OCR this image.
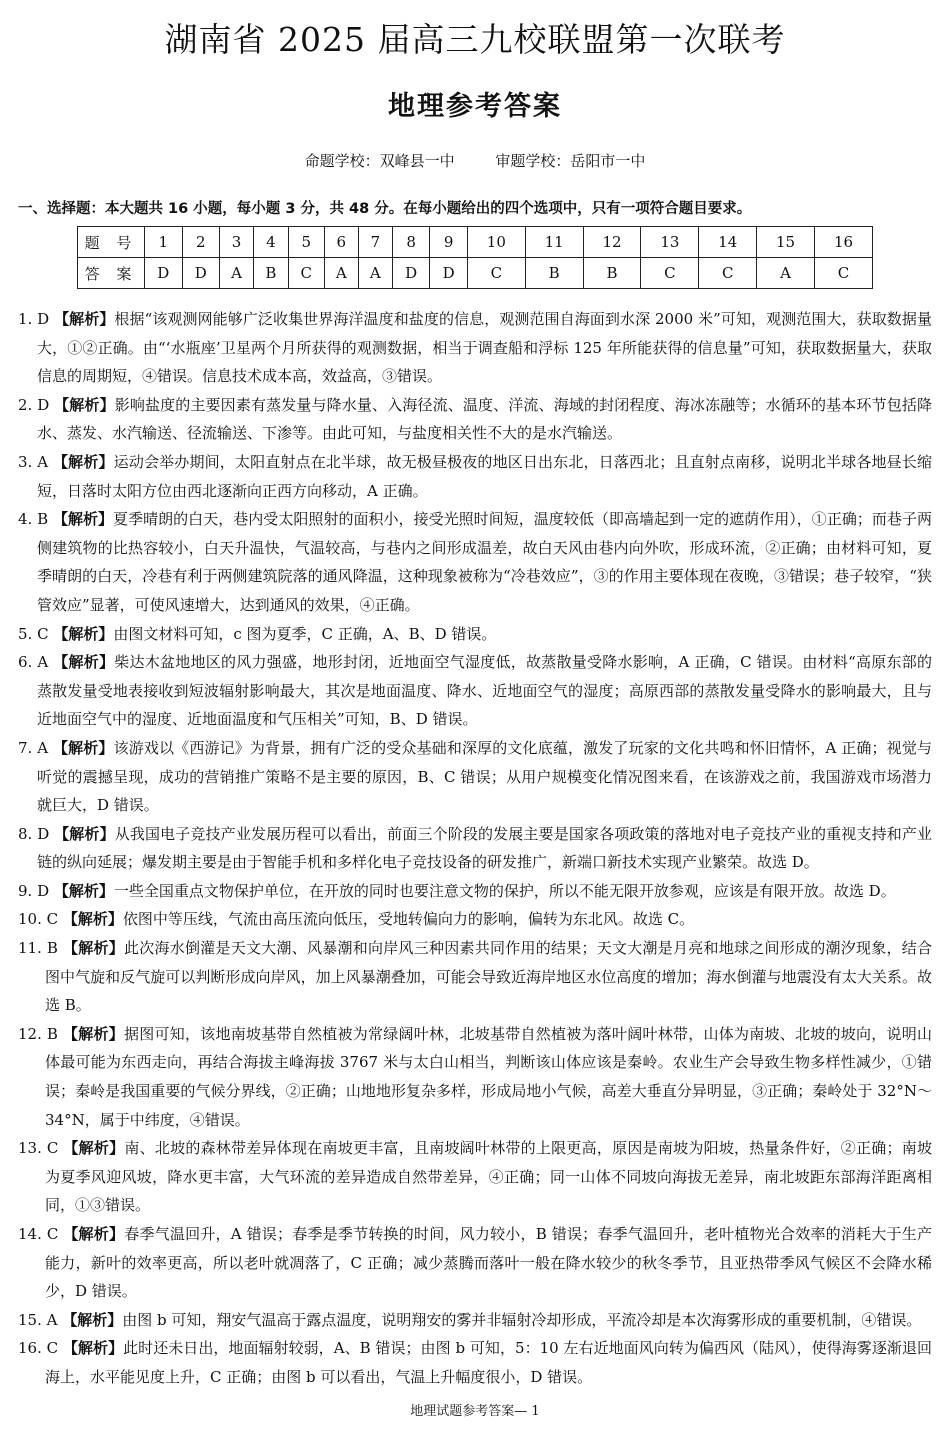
湖南省 2025 届高三九校联盟第一次联考
地理参考答案
命题学校：双峰县一中	审题学校：岳阳市一中
一、选择题：本大题共 16 小题，每小题 3 分，共 48 分。在每小题给出的四个选项中，只有一项符合题目要求。
题 号	1	2	3	4	5	6	7	8	9	10	11	12	13	14	15	16
答 案	D	D	A	B	C	A	A	D	D	C	B	B	C	C	A	C
1. D 【解析】根据“该观测网能够广泛收集世界海洋温度和盐度的信息，观测范围自海面到水深 2000 米”可知，观测范围大，获取数据量大，①②正确。由“‘水瓶座’卫星两个月所获得的观测数据，相当于调查船和浮标 125 年所能获得的信息量”可知，获取数据量大，获取信息的周期短，④错误。信息技术成本高，效益高，③错误。
2. D 【解析】影响盐度的主要因素有蒸发量与降水量、入海径流、温度、洋流、海域的封闭程度、海冰冻融等；水循环的基本环节包括降水、蒸发、水汽输送、径流输送、下渗等。由此可知，与盐度相关性不大的是水汽输送。
3. A 【解析】运动会举办期间，太阳直射点在北半球，故无极昼极夜的地区日出东北，日落西北；且直射点南移，说明北半球各地昼长缩短，日落时太阳方位由西北逐渐向正西方向移动，A 正确。
4. B 【解析】夏季晴朗的白天，巷内受太阳照射的面积小，接受光照时间短，温度较低（即高墙起到一定的遮荫作用），①正确；而巷子两侧建筑物的比热容较小，白天升温快，气温较高，与巷内之间形成温差，故白天风由巷内向外吹，形成环流，②正确；由材料可知，夏季晴朗的白天，冷巷有利于两侧建筑院落的通风降温，这种现象被称为“冷巷效应”，③的作用主要体现在夜晚，③错误；巷子较窄，“狭管效应”显著，可使风速增大，达到通风的效果，④正确。
5. C 【解析】由图文材料可知，c 图为夏季，C 正确，A、B、D 错误。
6. A 【解析】柴达木盆地地区的风力强盛，地形封闭，近地面空气湿度低，故蒸散量受降水影响，A 正确，C 错误。由材料“高原东部的蒸散发量受地表接收到短波辐射影响最大，其次是地面温度、降水、近地面空气的湿度；高原西部的蒸散发量受降水的影响最大，且与近地面空气中的湿度、近地面温度和气压相关”可知，B、D 错误。
7. A 【解析】该游戏以《西游记》为背景，拥有广泛的受众基础和深厚的文化底蕴，激发了玩家的文化共鸣和怀旧情怀，A 正确；视觉与听觉的震撼呈现，成功的营销推广策略不是主要的原因，B、C 错误；从用户规模变化情况图来看，在该游戏之前，我国游戏市场潜力就巨大，D 错误。
8. D 【解析】从我国电子竞技产业发展历程可以看出，前面三个阶段的发展主要是国家各项政策的落地对电子竞技产业的重视支持和产业链的纵向延展；爆发期主要是由于智能手机和多样化电子竞技设备的研发推广，新端口新技术实现产业繁荣。故选 D。
9. D 【解析】一些全国重点文物保护单位，在开放的同时也要注意文物的保护，所以不能无限开放参观，应该是有限开放。故选 D。
10. C 【解析】依图中等压线，气流由高压流向低压，受地转偏向力的影响，偏转为东北风。故选 C。
11. B 【解析】此次海水倒灌是天文大潮、风暴潮和向岸风三种因素共同作用的结果；天文大潮是月亮和地球之间形成的潮汐现象，结合图中气旋和反气旋可以判断形成向岸风，加上风暴潮叠加，可能会导致近海岸地区水位高度的增加；海水倒灌与地震没有太大关系。故选 B。
12. B 【解析】据图可知，该地南坡基带自然植被为常绿阔叶林，北坡基带自然植被为落叶阔叶林带，山体为南坡、北坡的坡向，说明山体最可能为东西走向，再结合海拔主峰海拔 3767 米与太白山相当，判断该山体应该是秦岭。农业生产会导致生物多样性减少，①错误；秦岭是我国重要的气候分界线，②正确；山地地形复杂多样，形成局地小气候，高差大垂直分异明显，③正确；秦岭处于 32°N～34°N，属于中纬度，④错误。
13. C 【解析】南、北坡的森林带差异体现在南坡更丰富，且南坡阔叶林带的上限更高，原因是南坡为阳坡，热量条件好，②正确；南坡为夏季风迎风坡，降水更丰富，大气环流的差异造成自然带差异，④正确；同一山体不同坡向海拔无差异，南北坡距东部海洋距离相同，①③错误。
14. C 【解析】春季气温回升，A 错误；春季是季节转换的时间，风力较小，B 错误；春季气温回升，老叶植物光合效率的消耗大于生产能力，新叶的效率更高，所以老叶就凋落了，C 正确；减少蒸腾而落叶一般在降水较少的秋冬季节，且亚热带季风气候区不会降水稀少，D 错误。
15. A 【解析】由图 b 可知，翔安气温高于露点温度，说明翔安的雾并非辐射冷却形成，平流冷却是本次海雾形成的重要机制，④错误。
16. C 【解析】此时还未日出，地面辐射较弱，A、B 错误；由图 b 可知，5：10 左右近地面风向转为偏西风（陆风），使得海雾逐渐退回海上，水平能见度上升，C 正确；由图 b 可以看出，气温上升幅度很小，D 错误。
地理试题参考答案— 1
